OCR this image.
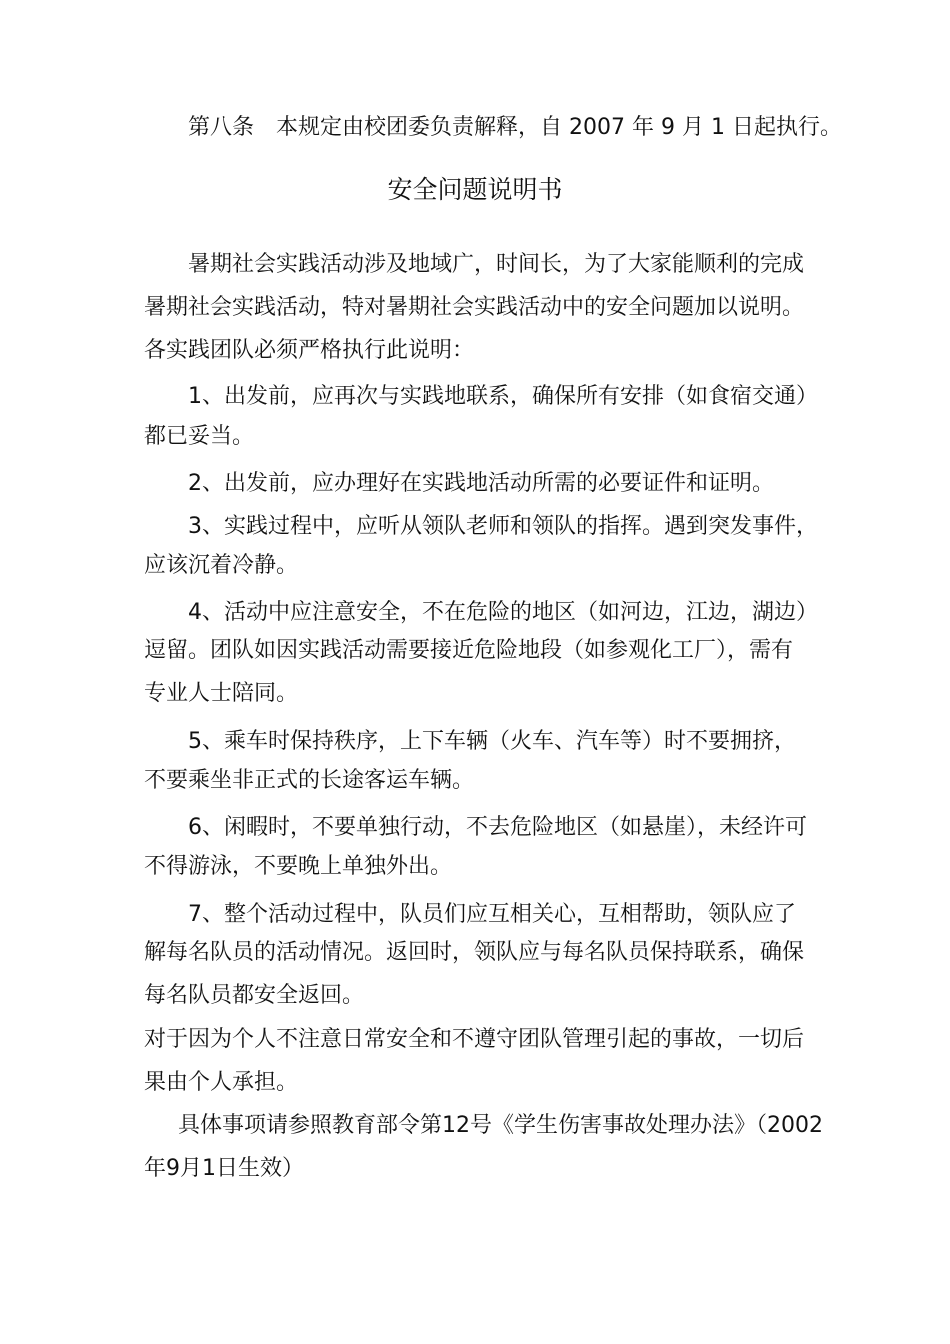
第八条　本规定由校团委负责解释，自 2007 年 9 月 1 日起执行。
安全问题说明书
暑期社会实践活动涉及地域广，时间长，为了大家能顺利的完成
暑期社会实践活动，特对暑期社会实践活动中的安全问题加以说明。
各实践团队必须严格执行此说明：
1、出发前，应再次与实践地联系，确保所有安排（如食宿交通）
都已妥当。
2、出发前，应办理好在实践地活动所需的必要证件和证明。
3、实践过程中，应听从领队老师和领队的指挥。遇到突发事件，
应该沉着冷静。
4、活动中应注意安全，不在危险的地区（如河边，江边，湖边）
逗留。团队如因实践活动需要接近危险地段（如参观化工厂），需有
专业人士陪同。
5、乘车时保持秩序，上下车辆（火车、汽车等）时不要拥挤，
不要乘坐非正式的长途客运车辆。
6、闲暇时，不要单独行动，不去危险地区（如悬崖），未经许可
不得游泳，不要晚上单独外出。
7、整个活动过程中，队员们应互相关心，互相帮助，领队应了
解每名队员的活动情况。返回时，领队应与每名队员保持联系，确保
每名队员都安全返回。
对于因为个人不注意日常安全和不遵守团队管理引起的事故，一切后
果由个人承担。
具体事项请参照教育部令第12号《学生伤害事故处理办法》（2002
年9月1日生效）
